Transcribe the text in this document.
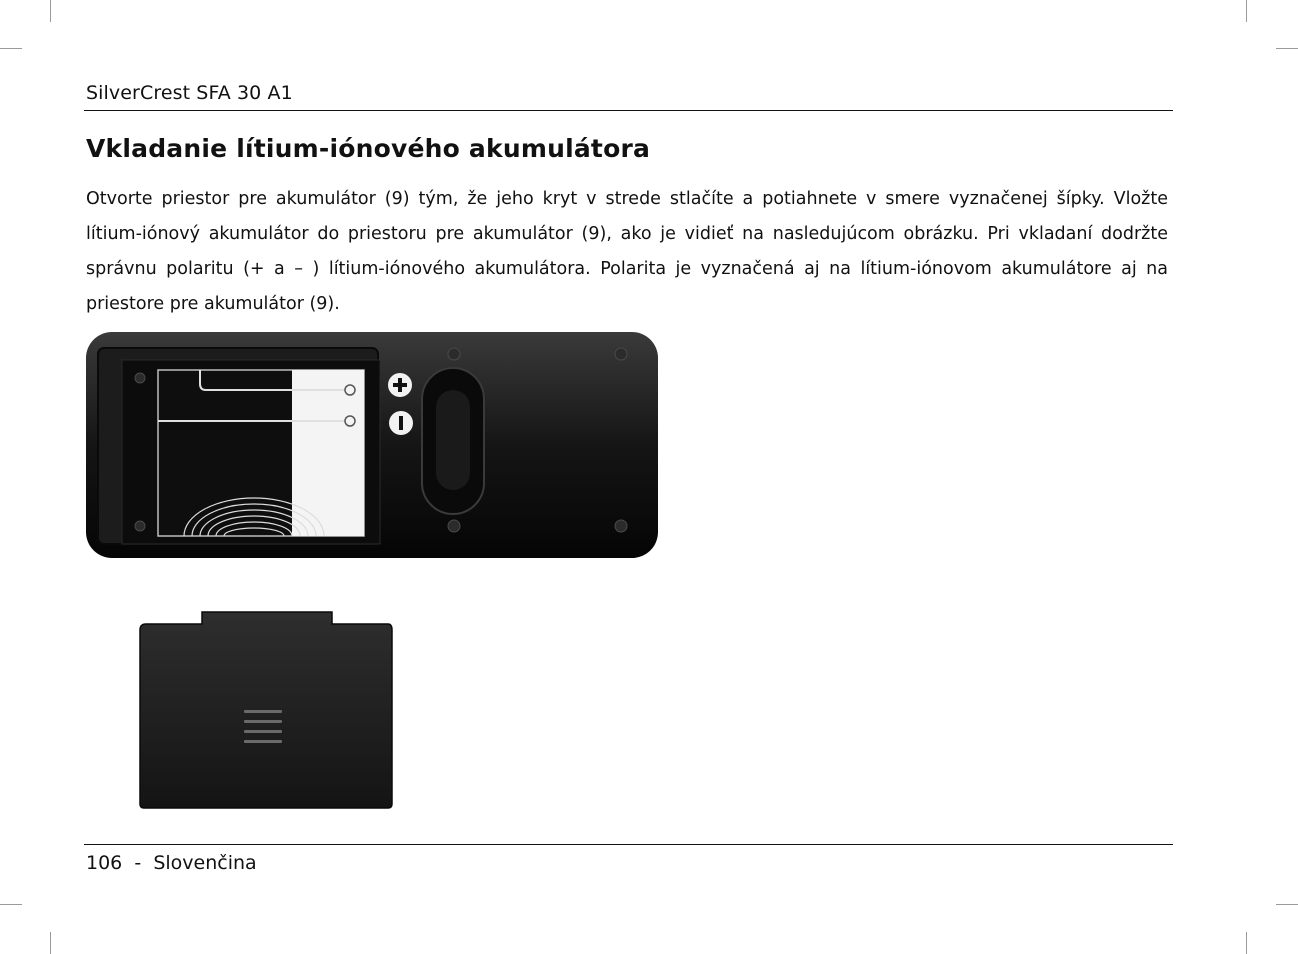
SilverCrest SFA 30 A1
Vkladanie lítium-iónového akumulátora

Otvorte priestor pre akumulátor (9) tým, že jeho kryt v strede stlačíte a potiahnete v smere vyznačenej šípky. Vložte lítium-iónový akumulátor do priestoru pre akumulátor (9), ako je vidieť na nasledujúcom obrázku. Pri vkladaní dodržte správnu polaritu (+ a – ) lítium-iónového akumulátora. Polarita je vyznačená aj na lítium-iónovom akumulátore aj na priestore pre akumulátor (9).

106 - Slovenčina
